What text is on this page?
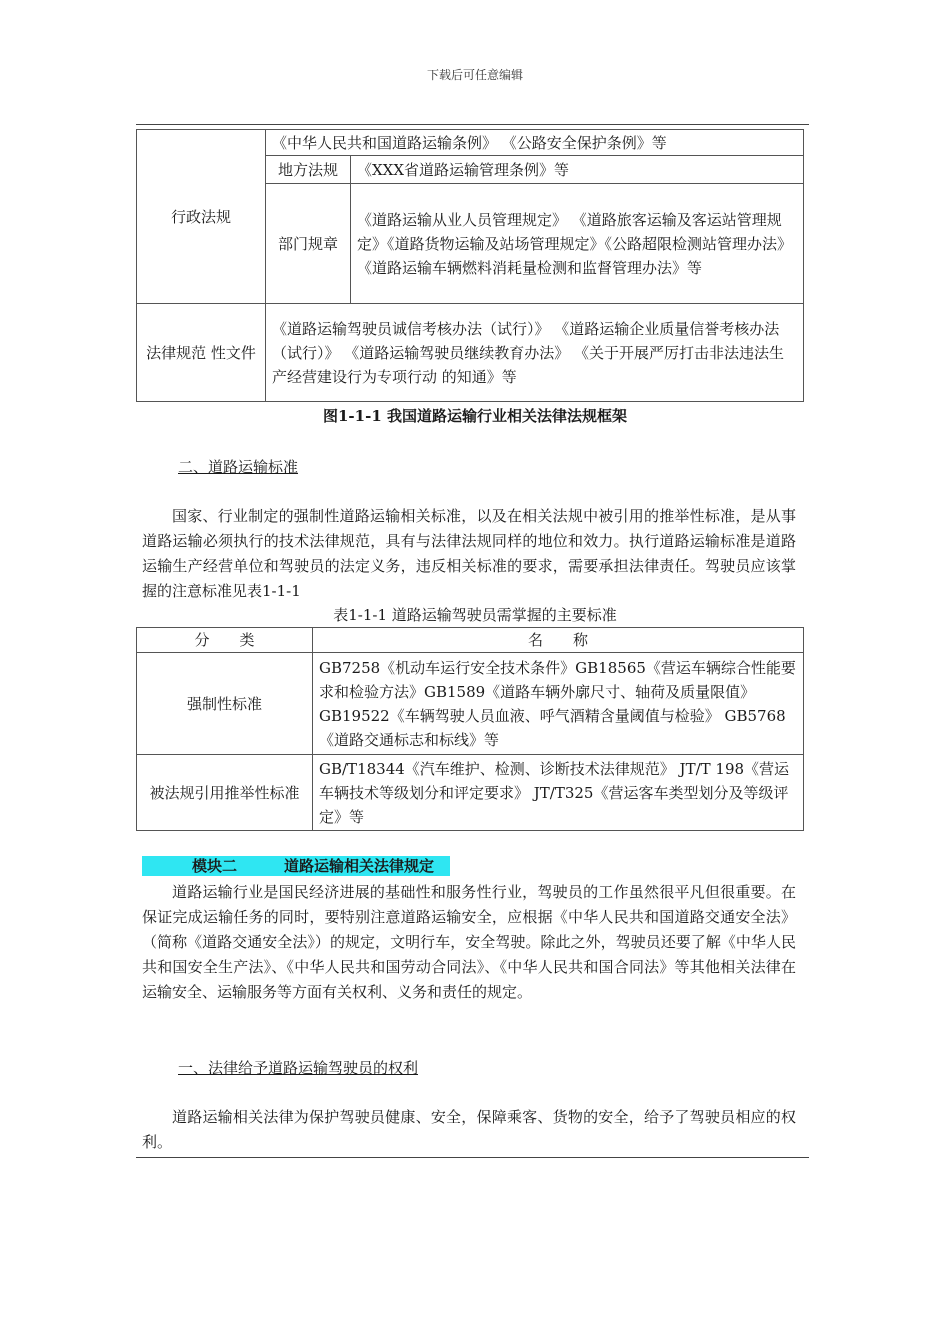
下载后可任意编辑
行政法规	《中华人民共和国道路运输条例》 《公路安全保护条例》等	
	地方法规	《XXX省道路运输管理条例》等
	部门规章	《道路运输从业人员管理规定》 《道路旅客运输及客运站管理规定》《道路货物运输及站场管理规定》《公路超限检测站管理办法》《道路运输车辆燃料消耗量检测和监督管理办法》等
法律规范 性文件	《道路运输驾驶员诚信考核办法（试行）》 《道路运输企业质量信誉考核办法（试行）》 《道路运输驾驶员继续教育办法》 《关于开展严厉打击非法违法生产经营建设行为专项行动 的知通》等	
图1-1-1 我国道路运输行业相关法律法规框架
二、道路运输标准
国家、行业制定的强制性道路运输相关标准，以及在相关法规中被引用的推举性标准，是从事道路运输必须执行的技术法律规范，具有与法律法规同样的地位和效力。执行道路运输标准是道路运输生产经营单位和驾驶员的法定义务，违反相关标准的要求，需要承担法律责任。驾驶员应该掌握的注意标准见表1-1-1
表1-1-1 道路运输驾驶员需掌握的主要标准
分　　类	名　　称
强制性标准	GB7258《机动车运行安全技术条件》GB18565《营运车辆综合性能要求和检验方法》GB1589《道路车辆外廓尺寸、轴荷及质量限值》GB19522《车辆驾驶人员血液、呼气酒精含量阈值与检验》 GB5768《道路交通标志和标线》等
被法规引用推举性标准	GB/T18344《汽车维护、检测、诊断技术法律规范》 JT/T 198《营运车辆技术等级划分和评定要求》 JT/T325《营运客车类型划分及等级评定》等
模块二	道路运输相关法律规定
道路运输行业是国民经济进展的基础性和服务性行业，驾驶员的工作虽然很平凡但很重要。在保证完成运输任务的同时，要特别注意道路运输安全，应根据《中华人民共和国道路交通安全法》（简称《道路交通安全法》）的规定，文明行车，安全驾驶。除此之外，驾驶员还要了解《中华人民共和国安全生产法》、《中华人民共和国劳动合同法》、《中华人民共和国合同法》等其他相关法律在运输安全、运输服务等方面有关权利、义务和责任的规定。
一、法律给予道路运输驾驶员的权利
道路运输相关法律为保护驾驶员健康、安全，保障乘客、货物的安全，给予了驾驶员相应的权利。
